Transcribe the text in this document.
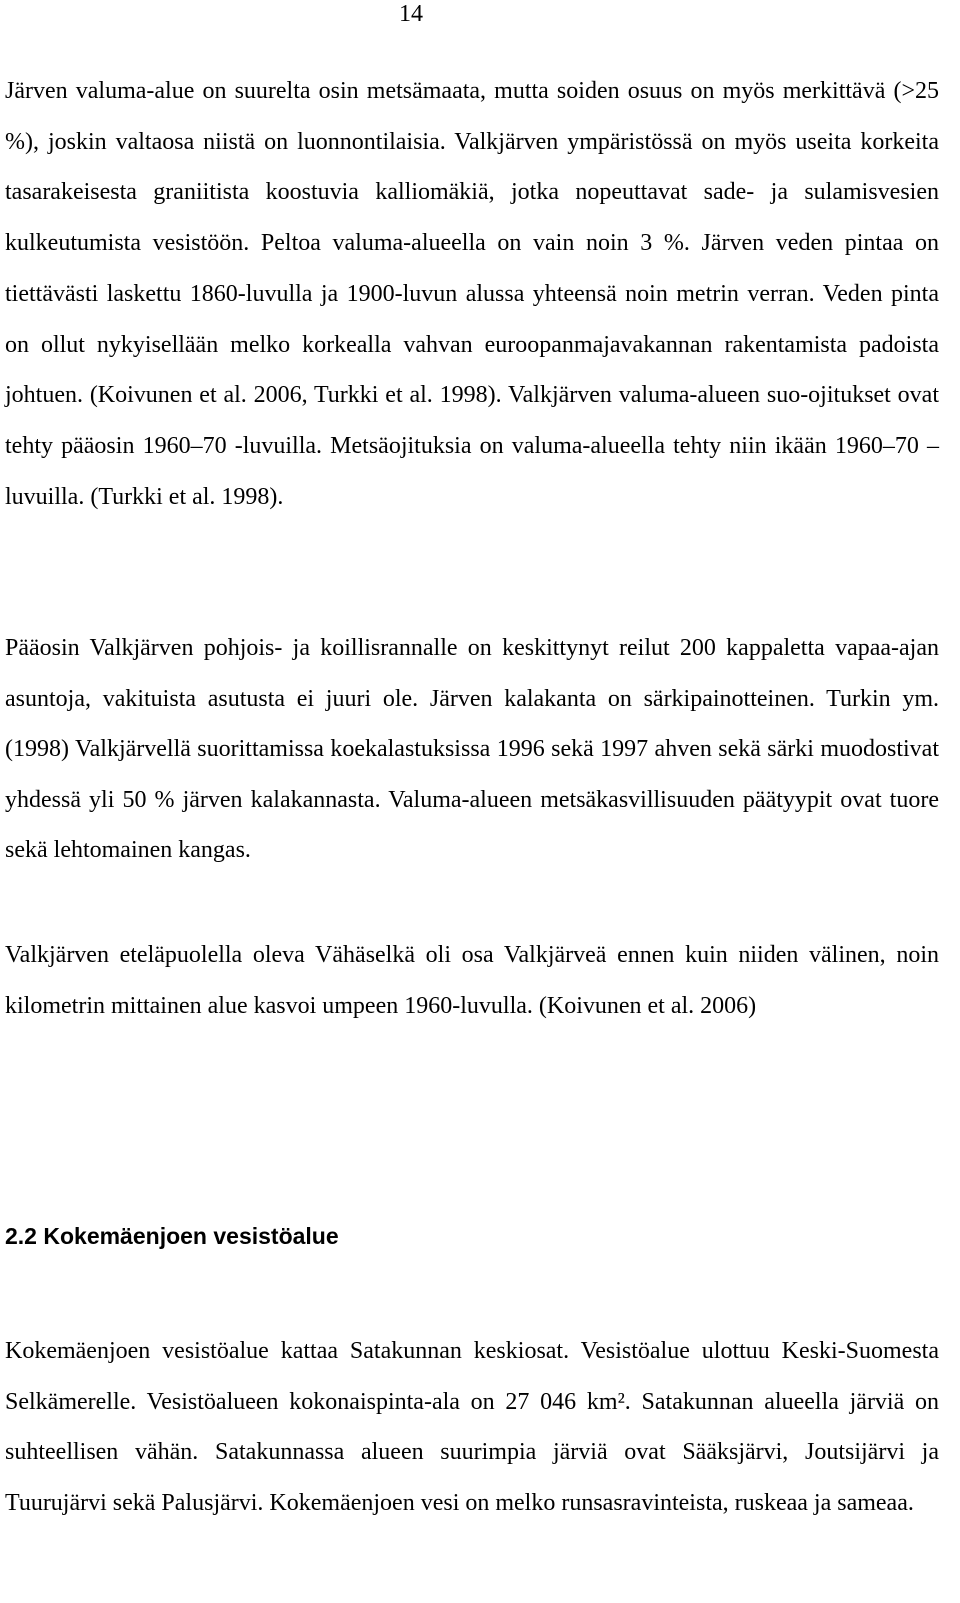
14

Järven valuma-alue on suurelta osin metsämaata, mutta soiden osuus on myös merkittävä (>25 %), joskin valtaosa niistä on luonnontilaisia. Valkjärven ympäristössä on myös useita korkeita tasarakeisesta graniitista koostuvia kalliomäkiä, jotka nopeuttavat sade- ja sulamisvesien kulkeutumista vesistöön. Peltoa valuma-alueella on vain noin 3 %. Järven veden pintaa on tiettävästi laskettu 1860-luvulla ja 1900-luvun alussa yhteensä noin metrin verran. Veden pinta on ollut nykyisellään melko korkealla vahvan euroopanmajavakannan rakentamista padoista johtuen. (Koivunen et al. 2006, Turkki et al. 1998). Valkjärven valuma-alueen suo-ojitukset ovat tehty pääosin 1960–70 -luvuilla. Metsäojituksia on valuma-alueella tehty niin ikään 1960–70 –luvuilla. (Turkki et al. 1998).

Pääosin Valkjärven pohjois- ja koillisrannalle on keskittynyt reilut 200 kappaletta vapaa-ajan asuntoja, vakituista asutusta ei juuri ole. Järven kalakanta on särkipainotteinen. Turkin ym. (1998) Valkjärvellä suorittamissa koekalastuksissa 1996 sekä 1997 ahven sekä särki muodostivat yhdessä yli 50 % järven kalakannasta. Valuma-alueen metsäkasvillisuuden päätyypit ovat tuore sekä lehtomainen kangas.

Valkjärven eteläpuolella oleva Vähäselkä oli osa Valkjärveä ennen kuin niiden välinen, noin kilometrin mittainen alue kasvoi umpeen 1960-luvulla. (Koivunen et al. 2006)

2.2 Kokemäenjoen vesistöalue

Kokemäenjoen vesistöalue kattaa Satakunnan keskiosat. Vesistöalue ulottuu Keski-Suomesta Selkämerelle. Vesistöalueen kokonaispinta-ala on 27 046 km². Satakunnan alueella järviä on suhteellisen vähän. Satakunnassa alueen suurimpia järviä ovat Sääksjärvi, Joutsijärvi ja Tuurujärvi sekä Palusjärvi. Kokemäenjoen vesi on melko runsasravinteista, ruskeaa ja sameaa.
